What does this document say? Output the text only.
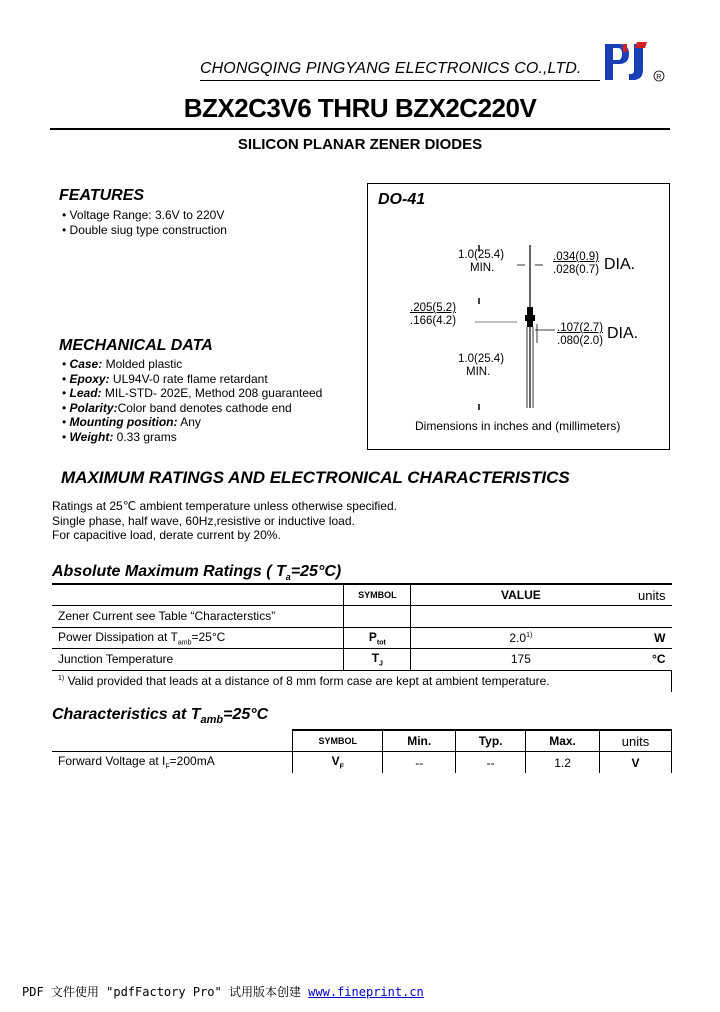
CHONGQING PINGYANG ELECTRONICS CO.,LTD.
R
BZX2C3V6 THRU BZX2C220V
SILICON PLANAR ZENER DIODES
FEATURES
• Voltage Range: 3.6V to 220V
• Double siug type construction
MECHANICAL DATA
• Case: Molded plastic
• Epoxy: UL94V-0 rate flame retardant
• Lead: MIL-STD- 202E, Method 208 guaranteed
• Polarity:Color band denotes cathode end
• Mounting position: Any
• Weight: 0.33 grams
DO-41
1.0(25.4)
MIN.
.034(0.9)
.028(0.7) DIA.
.205(5.2)
.166(4.2)
.107(2.7)
.080(2.0) DIA.
1.0(25.4)
MIN.
Dimensions in inches and (millimeters)
MAXIMUM RATINGS AND ELECTRONICAL CHARACTERISTICS
Ratings at 25℃ ambient temperature unless otherwise specified.
Single phase, half wave, 60Hz,resistive or inductive load.
For capacitive load, derate current by 20%.
Absolute Maximum Ratings ( $T_a=25^\circ C$)
	SYMBOL	VALUE	units
Zener Current see Table “Characterstics”			
Power Dissipation at $T_{amb}=25^\circ C$	$P_{tot}$	2.0$^{1)}$	W
Junction Temperature	$T_J$	175	°C
$^{1)}$ Valid provided that leads at a distance of 8 mm form case are kept at ambient temperature.			
Characteristics at $T_{amb}=25^\circ C$
	SYMBOL	Min.	Typ.	Max.	units
Forward Voltage at $I_F=200mA$	$V_F$	--	--	1.2	V
PDF 文件使用 "pdfFactory Pro" 试用版本创建 www.fineprint.cn
